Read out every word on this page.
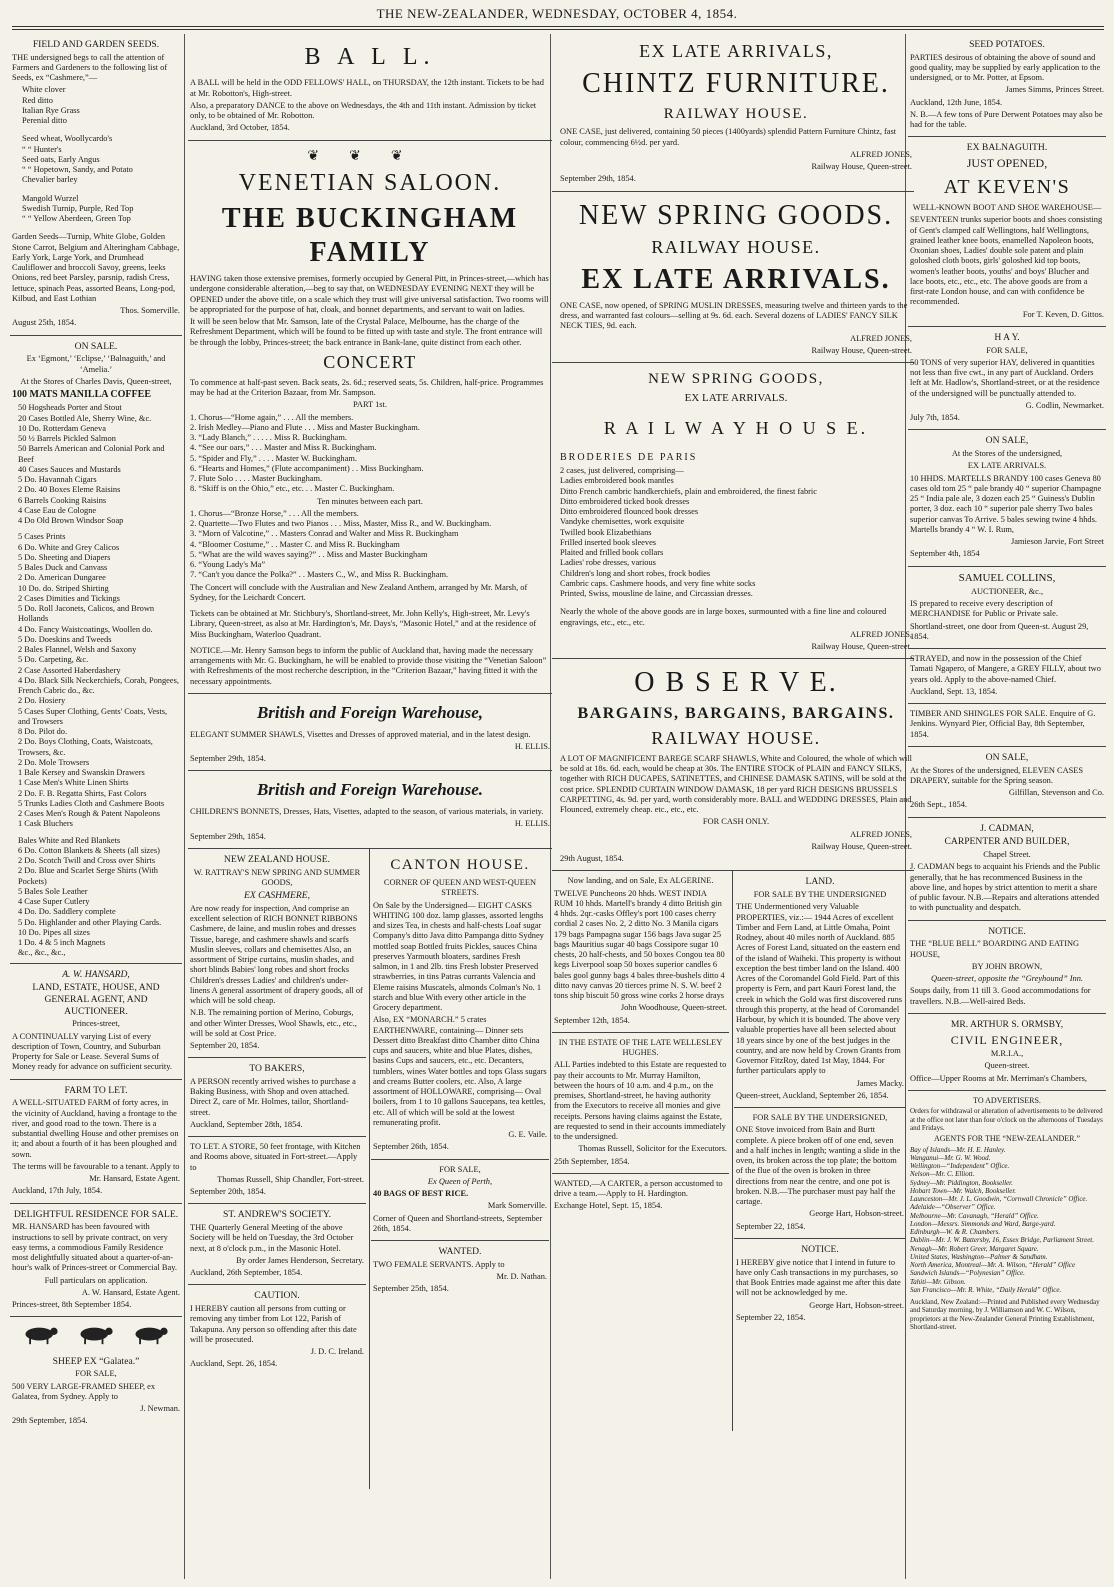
THE NEW-ZEALANDER, WEDNESDAY, OCTOBER 4, 1854.
FIELD AND GARDEN SEEDS.

THE undersigned begs to call the attention of Farmers and Gardeners to the following list of Seeds, ex “Cashmere,”—

White clover

Red ditto

Italian Rye Grass

Perenial ditto

Seed wheat, Woollycardo's

“ “ Hunter's

Seed oats, Early Angus

“ “ Hopetown, Sandy, and Potato

Chevalier barley

Mangold Wurzel

Swedish Turnip, Purple, Red Top

“ “ Yellow Aberdeen, Green Top

Garden Seeds—Turnip, White Globe, Golden Stone Carrot, Belgium and Alteringham Cabbage, Early York, Large York, and Drumhead Cauliflower and broccoli Savoy, greens, leeks Onions, red beet Parsley, parsnip, radish Cress, lettuce, spinach Peas, assorted Beans, Long-pod, Kilbud, and East Lothian

Thos. Somerville.

August 25th, 1854.

ON SALE.

Ex ‘Egmont,’ ‘Eclipse,’ ‘Balnaguith,’ and ‘Amelia.’

At the Stores of Charles Davis, Queen-street,

100 MATS MANILLA COFFEE

50 Hogsheads Porter and Stout

20 Cases Bottled Ale, Sherry Wine, &c.

10 Do. Rotterdam Geneva

50 ½ Barrels Pickled Salmon

50 Barrels American and Colonial Pork and Beef

40 Cases Sauces and Mustards

5 Do. Havannah Cigars

2 Do. 40 Boxes Eleme Raisins

6 Barrels Cooking Raisins

4 Case Eau de Cologne

4 Do Old Brown Windsor Soap

5 Cases Prints

6 Do. White and Grey Calicos

5 Do. Sheeting and Diapers

5 Bales Duck and Canvass

2 Do. American Dungaree

10 Do. do. Striped Shirting

2 Cases Dimities and Tickings

5 Do. Roll Jaconets, Calicos, and Brown Hollands

4 Do. Fancy Waistcoatings, Woollen do.

5 Do. Doeskins and Tweeds

2 Bales Flannel, Welsh and Saxony

5 Do. Carpeting, &c.

2 Case Assorted Haberdashery

4 Do. Black Silk Neckerchiefs, Corah, Pongees, French Cabric do., &c.

2 Do. Hosiery

5 Cases Super Clothing, Gents' Coats, Vests, and Trowsers

8 Do. Pilot do.

2 Do. Boys Clothing, Coats, Waistcoats, Trowsers, &c.

2 Do. Mole Trowsers

1 Bale Kersey and Swanskin Drawers

1 Case Men's White Linen Shirts

2 Do. F. B. Regatta Shirts, Fast Colors

5 Trunks Ladies Cloth and Cashmere Boots

2 Cases Men's Rough & Patent Napoleons

1 Cask Bluchers

Bales White and Red Blankets

6 Do. Cotton Blankets & Sheets (all sizes)

2 Do. Scotch Twill and Cross over Shirts

2 Do. Blue and Scarlet Serge Shirts (With Pockets)

5 Bales Sole Leather

4 Case Super Cutlery

4 Do. Do. Saddlery complete

5 Do. Highlander and other Playing Cards.

10 Do. Pipes all sizes

1 Do. 4 & 5 inch Magnets

&c., &c., &c.,

A. W. HANSARD,
LAND, ESTATE, HOUSE, AND GENERAL AGENT, AND AUCTIONEER.

Princes-street,

A CONTINUALLY varying List of every description of Town, Country, and Suburban Property for Sale or Lease. Several Sums of Money ready for advance on sufficient security.

FARM TO LET.

A WELL-SITUATED FARM of forty acres, in the vicinity of Auckland, having a frontage to the river, and good road to the town. There is a substantial dwelling House and other premises on it; and about a fourth of it has been ploughed and sown.

The terms will be favourable to a tenant. Apply to

Mr. Hansard, Estate Agent.

Auckland, 17th July, 1854.

DELIGHTFUL RESIDENCE FOR SALE.

MR. HANSARD has been favoured with instructions to sell by private contract, on very easy terms, a commodious Family Residence most delightfully situated about a quarter-of-an-hour's walk of Princes-street or Commercial Bay.

Full particulars on application.

A. W. Hansard, Estate Agent.

Princes-street, 8th September 1854.

SHEEP EX “Galatea.”

FOR SALE,

500 VERY LARGE-FRAMED SHEEP, ex Galatea, from Sydney. Apply to

J. Newman.

29th September, 1854.

B A L L.

A BALL will be held in the ODD FELLOWS' HALL, on THURSDAY, the 12th instant. Tickets to be had at Mr. Robotton's, High-street.

Also, a preparatory DANCE to the above on Wednesdays, the 4th and 11th instant. Admission by ticket only, to be obtained of Mr. Robotton.

Auckland, 3rd October, 1854.

❦❦❦
VENETIAN SALOON.
THE BUCKINGHAM FAMILY

HAVING taken those extensive premises, formerly occupied by General Pitt, in Princes-street,—which has undergone considerable alteration,—beg to say that, on WEDNESDAY EVENING NEXT they will be OPENED under the above title, on a scale which they trust will give universal satisfaction. Two rooms will be appropriated for the purpose of hat, cloak, and bonnet departments, and servant to wait on ladies.

It will be seen below that Mr. Samson, late of the Crystal Palace, Melbourne, has the charge of the Refreshment Department, which will be found to be fitted up with taste and style. The front entrance will be through the lobby, Princes-street; the back entrance in Bank-lane, quite distinct from each other.

CONCERT

To commence at half-past seven. Back seats, 2s. 6d.; reserved seats, 5s. Children, half-price. Programmes may be had at the Criterion Bazaar, from Mr. Sampson.

PART 1st.

1. Chorus—“Home again,” . . . All the members.

2. Irish Medley—Piano and Flute . . . Miss and Master Buckingham.

3. “Lady Blanch,” . . . . . Miss R. Buckingham.

4. “See our oars,” . . . Master and Miss R. Buckingham.

5. “Spider and Fly,” . . . . Master W. Buckingham.

6. “Hearts and Homes,” (Flute accompaniment) . . Miss Buckingham.

7. Flute Solo . . . . Master Buckingham.

8. “Skiff is on the Ohio,” etc., etc. . . Master C. Buckingham.

Ten minutes between each part.

1. Chorus—“Bronze Horse,” . . . All the members.

2. Quartette—Two Flutes and two Pianos . . . Miss, Master, Miss R., and W. Buckingham.

3. “Morn of Valcotine,” . . Masters Conrad and Walter and Miss R. Buckingham

4. “Bloomer Costume,” . . Master C. and Miss R. Buckingham

5. “What are the wild waves saying?” . . Miss and Master Buckingham

6. “Young Lady's Ma”

7. “Can't you dance the Polka?” . . Masters C., W., and Miss R. Buckingham.

The Concert will conclude with the Australian and New Zealand Anthem, arranged by Mr. Marsh, of Sydney, for the Leichardt Concert.

Tickets can be obtained at Mr. Stichbury's, Shortland-street, Mr. John Kelly's, High-street, Mr. Levy's Library, Queen-street, as also at Mr. Hardington's, Mr. Days's, “Masonic Hotel,” and at the residence of Miss Buckingham, Waterloo Quadrant.

NOTICE.—Mr. Henry Samson begs to inform the public of Auckland that, having made the necessary arrangements with Mr. G. Buckingham, he will be enabled to provide those visiting the “Venetian Saloon” with Refreshments of the most recherche description, in the “Criterion Bazaar,” having fitted it with the necessary appointments.

British and Foreign Warehouse,

ELEGANT SUMMER SHAWLS, Visettes and Dresses of approved material, and in the latest design.

H. ELLIS.

September 29th, 1854.

British and Foreign Warehouse.

CHILDREN'S BONNETS, Dresses, Hats, Visettes, adapted to the season, of various materials, in variety.

H. ELLIS.

September 29th, 1854.

NEW ZEALAND HOUSE.
W. RATTRAY'S NEW SPRING AND SUMMER GOODS,
EX CASHMERE,

Are now ready for inspection, And comprise an excellent selection of RICH BONNET RIBBONS Cashmere, de laine, and muslin robes and dresses Tissue, barege, and cashmere shawls and scarfs Muslin sleeves, collars and chemisettes Also, an assortment of Stripe curtains, muslin shades, and short blinds Babies' long robes and short frocks Children's dresses Ladies' and children's under-linens A general assortment of drapery goods, all of which will be sold cheap.

N.B. The remaining portion of Merino, Coburgs, and other Winter Dresses, Wool Shawls, etc., etc., will be sold at Cost Price.

September 20, 1854.

TO BAKERS,

A PERSON recently arrived wishes to purchase a Baking Business, with Shop and oven attached. Direct Z, care of Mr. Holmes, tailor, Shortland-street.

Auckland, September 28th, 1854.

TO LET. A STORE, 50 feet frontage, with Kitchen and Rooms above, situated in Fort-street.—Apply to

Thomas Russell, Ship Chandler, Fort-street.

September 20th, 1854.

ST. ANDREW'S SOCIETY.

THE Quarterly General Meeting of the above Society will be held on Tuesday, the 3rd October next, at 8 o'clock p.m., in the Masonic Hotel.

By order James Henderson, Secretary.

Auckland, 26th September, 1854.

CAUTION.

I HEREBY caution all persons from cutting or removing any timber from Lot 122, Parish of Takapuna. Any person so offending after this date will be prosecuted.

J. D. C. Ireland.

Auckland, Sept. 26, 1854.

CANTON HOUSE.
CORNER OF QUEEN AND WEST-QUEEN STREETS.

On Sale by the Undersigned— EIGHT CASKS WHITING 100 doz. lamp glasses, assorted lengths and sizes Tea, in chests and half-chests Loaf sugar Company's ditto Java ditto Pampanga ditto Sydney mottled soap Bottled fruits Pickles, sauces China preserves Yarmouth bloaters, sardines Fresh salmon, in 1 and 2lb. tins Fresh lobster Preserved strawberries, in tins Patras currants Valencia and Eleme raisins Muscatels, almonds Colman's No. 1 starch and blue With every other article in the Grocery department.

Also, EX “MONARCH.” 5 crates EARTHENWARE, containing— Dinner sets Dessert ditto Breakfast ditto Chamber ditto China cups and saucers, white and blue Plates, dishes, basins Cups and saucers, etc., etc. Decanters, tumblers, wines Water bottles and tops Glass sugars and creams Butter coolers, etc. Also, A large assortment of HOLLOWARE, comprising— Oval boilers, from 1 to 10 gallons Saucepans, tea kettles, etc. All of which will be sold at the lowest remunerating profit.

G. E. Vaile.

September 26th, 1854.

FOR SALE,

Ex Queen of Perth,

40 BAGS OF BEST RICE.

Mark Somerville.

Corner of Queen and Shortland-streets, September 26th, 1854.

WANTED.

TWO FEMALE SERVANTS. Apply to

Mr. D. Nathan.

September 25th, 1854.

EX LATE ARRIVALS,
CHINTZ FURNITURE.
RAILWAY HOUSE.

ONE CASE, just delivered, containing 50 pieces (1400yards) splendid Pattern Furniture Chintz, fast colour, commencing 6½d. per yard.

ALFRED JONES,

Railway House, Queen-street.

September 29th, 1854.

NEW SPRING GOODS.
RAILWAY HOUSE.
EX LATE ARRIVALS.

ONE CASE, now opened, of SPRING MUSLIN DRESSES, measuring twelve and thirteen yards to the dress, and warranted fast colours—selling at 9s. 6d. each. Several dozens of LADIES' FANCY SILK NECK TIES, 9d. each.

ALFRED JONES,

Railway House, Queen-street.

NEW SPRING GOODS,
EX LATE ARRIVALS.
R A I L W A Y H O U S E.

BRODERIES DE PARIS

2 cases, just delivered, comprising—

Ladies embroidered book mantles

Ditto French cambric handkerchiefs, plain and embroidered, the finest fabric

Ditto embroidered ticked book dresses

Ditto embroidered flounced book dresses

Vandyke chemisettes, work exquisite

Twilled book Elizabethians

Frilled inserted book sleeves

Plaited and frilled book collars

Ladies' robe dresses, various

Children's long and short robes, frock bodies

Cambric caps. Cashmere hoods, and very fine white socks

Printed, Swiss, mousline de laine, and Circassian dresses.

Nearly the whole of the above goods are in large boxes, surmounted with a fine line and coloured engravings, etc., etc., etc.

ALFRED JONES,

Railway House, Queen-street.

O B S E R V E.
BARGAINS, BARGAINS, BARGAINS.
RAILWAY HOUSE.

A LOT OF MAGNIFICENT BAREGE SCARF SHAWLS, White and Coloured, the whole of which will be sold at 18s. 6d. each, would be cheap at 30s. The ENTIRE STOCK of PLAIN and FANCY SILKS, together with RICH DUCAPES, SATINETTES, and CHINESE DAMASK SATINS, will be sold at the cost price. SPLENDID CURTAIN WINDOW DAMASK, 18 per yard RICH DESIGNS BRUSSELS CARPETTING, 4s. 9d. per yard, worth considerably more. BALL and WEDDING DRESSES, Plain and Flounced, extremely cheap. etc., etc., etc.

FOR CASH ONLY.

ALFRED JONES,

Railway House, Queen-street.

29th August, 1854.

Now landing, and on Sale, Ex ALGERINE.

TWELVE Puncheons 20 hhds. WEST INDIA RUM 10 hhds. Martell's brandy 4 ditto British gin 4 hhds. 2qr.-casks Offley's port 100 cases cherry cordial 2 cases No. 2, 2 ditto No. 3 Manila cigars 179 bags Pampagna sugar 156 bags Java sugar 25 bags Mauritius sugar 40 bags Cossipore sugar 10 chests, 20 half-chests, and 50 boxes Congou tea 80 kegs Liverpool soap 50 boxes superior candles 6 bales gool gunny bags 4 bales three-bushels ditto 4 ditto navy canvas 20 tierces prime N. S. W. beef 2 tons ship biscuit 50 gross wine corks 2 horse drays

John Woodhouse, Queen-street.

September 12th, 1854.

IN THE ESTATE OF THE LATE WELLESLEY HUGHES.

ALL Parties indebted to this Estate are requested to pay their accounts to Mr. Murray Hamilton, between the hours of 10 a.m. and 4 p.m., on the premises, Shortland-street, he having authority from the Executors to receive all monies and give receipts. Persons having claims against the Estate, are requested to send in their accounts immediately to the undersigned.

Thomas Russell, Solicitor for the Executors.

25th September, 1854.

WANTED,—A CARTER, a person accustomed to drive a team.—Apply to H. Hardington.

Exchange Hotel, Sept. 15, 1854.

LAND.
FOR SALE BY THE UNDERSIGNED

THE Undermentioned very Valuable PROPERTIES, viz.:— 1944 Acres of excellent Timber and Fern Land, at Little Omaha, Point Rodney, about 40 miles north of Auckland. 885 Acres of Forest Land, situated on the eastern end of the island of Waiheki. This property is without exception the best timber land on the Island. 400 Acres of the Coromandel Gold Field. Part of this property is Fern, and part Kauri Forest land, the creek in which the Gold was first discovered runs through this property, at the head of Coromandel Harbour, by which it is bounded. The above very valuable properties have all been selected about 18 years since by one of the best judges in the country, and are now held by Crown Grants from Governor FitzRoy, dated 1st May, 1844. For further particulars apply to

James Macky.

Queen-street, Auckland, September 26, 1854.

FOR SALE BY THE UNDERSIGNED,

ONE Stove invoiced from Bain and Burtt complete. A piece broken off of one end, seven and a half inches in length; wanting a slide in the oven, its broken across the top plate; the bottom of the flue of the oven is broken in three directions from near the centre, and one pot is broken. N.B.—The purchaser must pay half the cartage.

George Hart, Hobson-street.

September 22, 1854.

NOTICE.

I HEREBY give notice that I intend in future to have only Cash transactions in my purchases, so that Book Entries made against me after this date will not be acknowledged by me.

George Hart, Hobson-street.

September 22, 1854.

SEED POTATOES.

PARTIES desirous of obtaining the above of sound and good quality, may be supplied by early application to the undersigned, or to Mr. Potter, at Epsom.

James Simms, Princes Street.

Auckland, 12th June, 1854.

N. B.—A few tons of Pure Derwent Potatoes may also be had for the table.

EX BALNAGUITH.
JUST OPENED,
AT KEVEN'S
WELL-KNOWN BOOT AND SHOE WAREHOUSE—

SEVENTEEN trunks superior boots and shoes consisting of Gent's clamped calf Wellingtons, half Wellingtons, grained leather knee boots, enamelled Napoleon boots, Oxonian shoes, Ladies' double sole patent and plain goloshed cloth boots, girls' goloshed kid top boots, women's leather boots, youths' and boys' Blucher and lace boots, etc., etc., etc. The above goods are from a first-rate London house, and can with confidence be recommended.

For T. Keven, D. Gittos.

H A Y.

FOR SALE,

50 TONS of very superior HAY, delivered in quantities not less than five cwt., in any part of Auckland. Orders left at Mr. Hadlow's, Shortland-street, or at the residence of the undersigned will be punctually attended to.

G. Codlin, Newmarket.

July 7th, 1854.

ON SALE,

At the Stores of the undersigned,

EX LATE ARRIVALS.

10 HHDS. MARTELLS BRANDY 100 cases Geneva 80 cases old tom 25 “ pale brandy 40 “ superior Champagne 25 “ India pale ale, 3 dozen each 25 “ Guiness's Dublin porter, 3 doz. each 10 “ superior pale sherry Two bales superior canvas To Arrive. 5 bales sewing twine 4 hhds. Martells brandy 4 “ W. I. Rum,

Jamieson Jarvie, Fort Street

September 4th, 1854

SAMUEL COLLINS,
AUCTIONEER, &c.,

IS prepared to receive every description of MERCHANDISE for Public or Private sale.

Shortland-street, one door from Queen-st. August 29, 1854.

STRAYED, and now in the possession of the Chief Tamati Ngapero, of Mangere, a GREY FILLY, about two years old. Apply to the above-named Chief.

Auckland, Sept. 13, 1854.

TIMBER AND SHINGLES FOR SALE. Enquire of G. Jenkins. Wynyard Pier, Official Bay, 8th September, 1854.

ON SALE,

At the Stores of the undersigned, ELEVEN CASES DRAPERY, suitable for the Spring season.

Gilfillan, Stevenson and Co.

26th Sept., 1854.

J. CADMAN,
CARPENTER AND BUILDER,

Chapel Street.

J. CADMAN begs to acquaint his Friends and the Public generally, that he has recommenced Business in the above line, and hopes by strict attention to merit a share of public favour. N.B.—Repairs and alterations attended to with punctuality and despatch.

NOTICE.

THE “BLUE BELL” BOARDING AND EATING HOUSE,

BY JOHN BROWN,

Queen-street, opposite the “Greyhound” Inn.

Soups daily, from 11 till 3. Good accommodations for travellers. N.B.—Well-aired Beds.

MR. ARTHUR S. ORMSBY,
CIVIL ENGINEER,

M.R.I.A.,

Queen-street.

Office—Upper Rooms at Mr. Merriman's Chambers,

TO ADVERTISERS.

Orders for withdrawal or alteration of advertisements to be delivered at the office not later than four o'clock on the afternoons of Tuesdays and Fridays.

AGENTS FOR THE “NEW-ZEALANDER.”

Bay of Islands—Mr. H. E. Hanley.

Wanganui—Mr. G. W. Wood.

Wellington—“Independent” Office.

Nelson—Mr. C. Elliott.

Sydney—Mr. Piddington, Bookseller.

Hobart Town—Mr. Walch, Bookseller.

Launceston—Mr. J. L. Goodwin, “Cornwall Chronicle” Office.

Adelaide—“Observer” Office.

Melbourne—Mr. Cavanagh, “Herald” Office.

London—Messrs. Simmonds and Ward, Barge-yard.

Edinburgh—W. & R. Chambers.

Dublin—Mr. J. W. Battersby, 16, Essex Bridge, Parliament Street.

Nenagh—Mr. Robert Greer, Margaret Square.

United States, Washington—Palmer & Sandham.

North America, Montreal—Mr. A. Wilson, “Herald” Office

Sandwich Islands—“Polynesian” Office.

Tahiti—Mr. Gibson.

San Francisco—Mr. R. White, “Daily Herald” Office.

Auckland, New Zealand:—Printed and Published every Wednesday and Saturday morning, by J. Williamson and W. C. Wilson, proprietors at the New-Zealander General Printing Establishment, Shortland-street.
